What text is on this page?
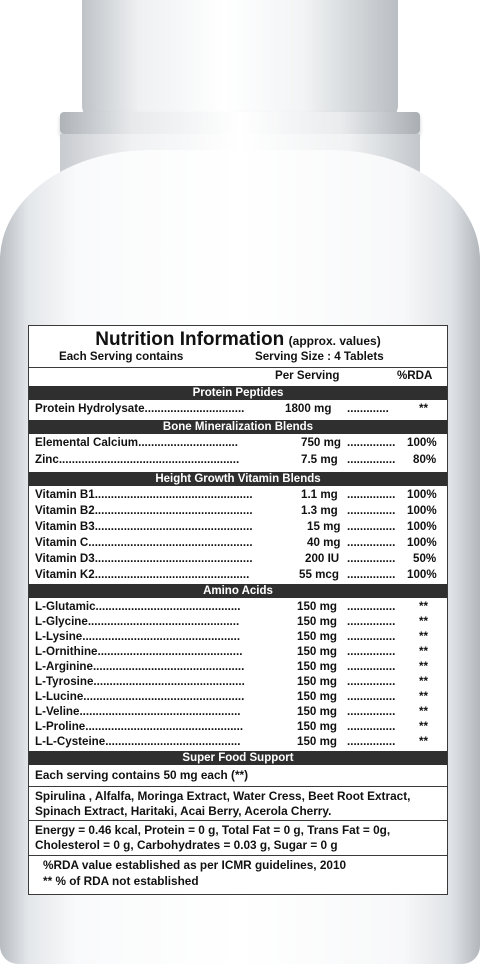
Nutrition Information (approx. values)
Each Serving contains	Serving Size : 4 Tablets
Per Serving	%RDA
Protein Peptides
Protein Hydrolysate...............................	1800 mg .............	**
Bone Mineralization Blends
Elemental Calcium...............................	750 mg ............... 100%
Zinc........................................................	7.5 mg ............... 80%
Height Growth Vitamin Blends
Vitamin B1.................................................	1.1 mg ............... 100%
Vitamin B2.................................................	1.3 mg ............... 100%
Vitamin B3.................................................	15 mg ............... 100%
Vitamin C...................................................	40 mg ............... 100%
Vitamin D3.................................................	200 IU ............... 50%
Vitamin K2................................................	55 mcg ............... 100%
Amino Acids
L-Glutamic.............................................	150 mg ............... **
L-Glycine...............................................	150 mg ............... **
L-Lysine.................................................	150 mg ............... **
L-Ornithine.............................................	150 mg ............... **
L-Arginine...............................................	150 mg ............... **
L-Tyrosine...............................................	150 mg ............... **
L-Lucine..................................................	150 mg ............... **
L-Veline..................................................	150 mg ............... **
L-Proline.................................................	150 mg ............... **
L-L-Cysteine..........................................	150 mg ............... **
Super Food Support
Each serving contains 50 mg each (**)
Spirulina , Alfalfa, Moringa Extract, Water Cress, Beet Root Extract, Spinach Extract, Haritaki, Acai Berry, Acerola Cherry.
Energy = 0.46 kcal, Protein = 0 g, Total Fat = 0 g, Trans Fat = 0g, Cholesterol = 0 g, Carbohydrates = 0.03 g, Sugar = 0 g
%RDA value established as per ICMR guidelines, 2010
** % of RDA not established
